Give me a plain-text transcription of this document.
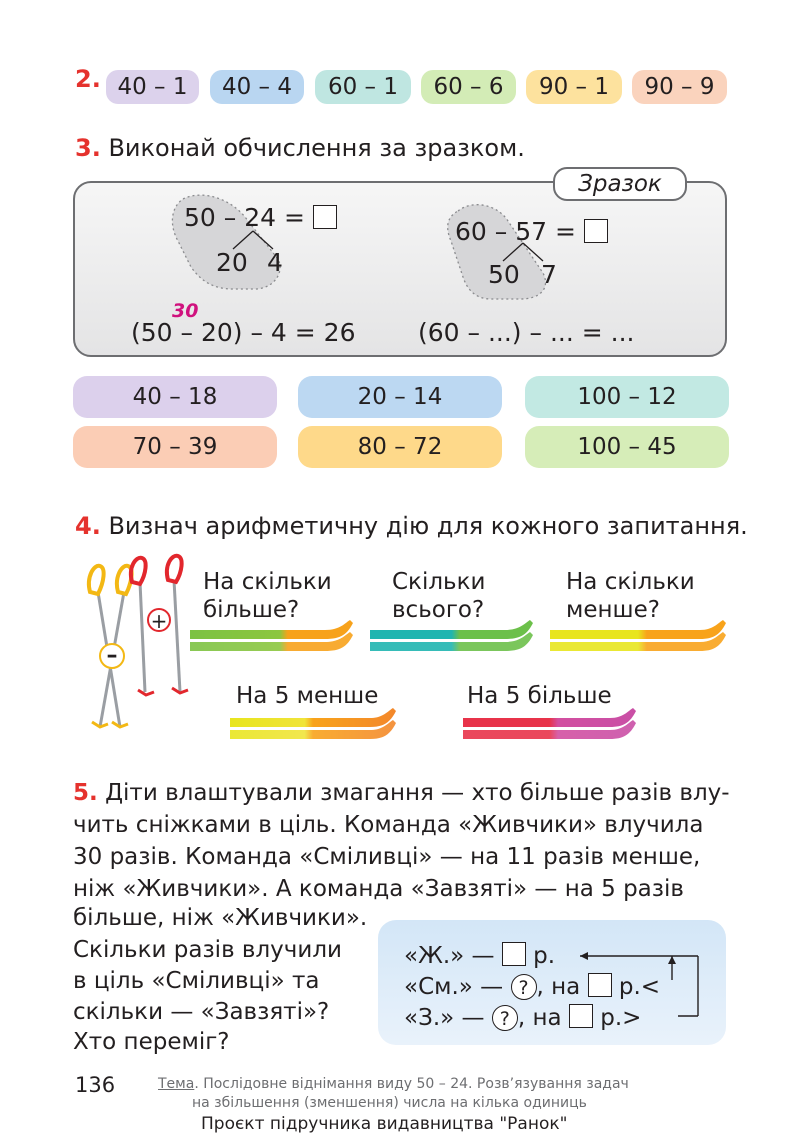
2. 40 – 1	40 – 4	60 – 1	60 – 6	90 – 1	90 – 9
3. Виконай обчислення за зразком.
Зразок
50 – 24 =
20 4
60 – 57 =
50 7
30
(50 – 20) – 4 = 26	(60 – ...) – ... = ...
40 – 18	20 – 14	100 – 12
70 – 39	80 – 72	100 – 45
4. Визнач арифметичну дію для кожного запитання.
+
–
На скільки
більше?
Скільки
всього?
На скільки
менше?
На 5 менше	На 5 більше
5. Діти влаштували змагання — хто більше разів влу-
чить сніжками в ціль. Команда «Живчики» влучила
30 разів. Команда «Сміливці» — на 11 разів менше,
ніж «Живчики». А команда «Завзяті» — на 5 разів
більше, ніж «Живчики».
Скільки разів влучили
в ціль «Сміливці» та
скільки — «Завзяті»?
Хто переміг?
«Ж.» — р.
«См.» — ? , на р.<
«З.» — ? , на р.>
136	Тема. Послідовне віднімання виду 50 – 24. Розв’язування задач
на збільшення (зменшення) числа на кілька одиниць
Проєкт підручника видавництва "Ранок"
